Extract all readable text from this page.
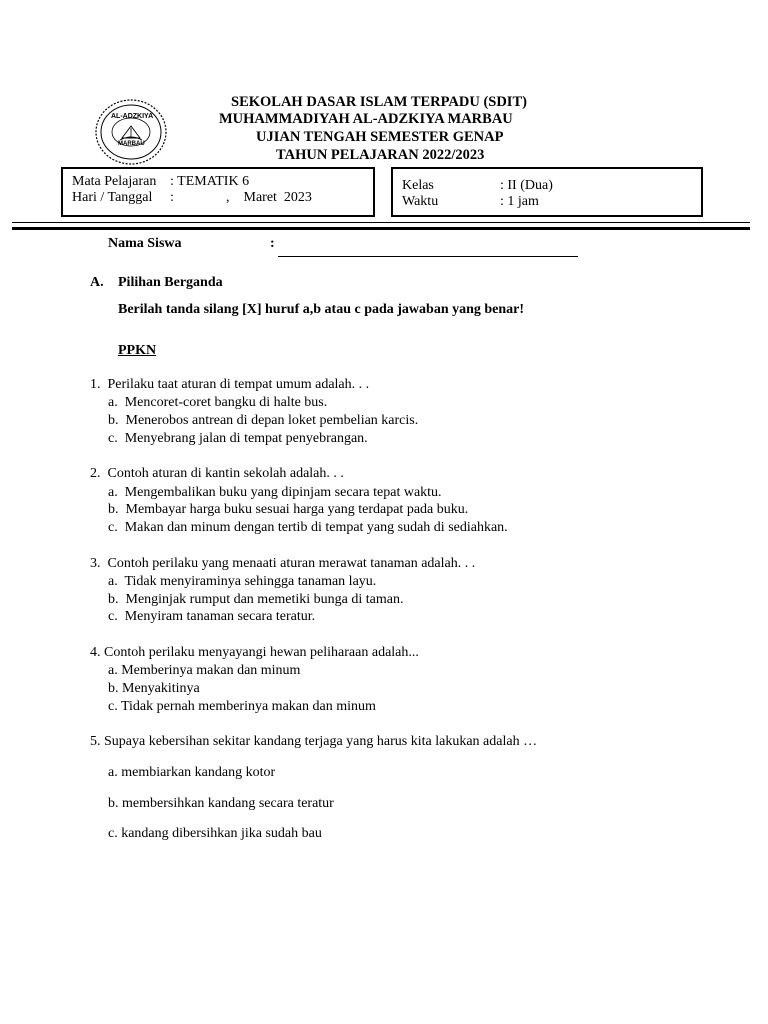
AL-ADZKIYA
MARBAU
SEKOLAH DASAR ISLAM TERPADU (SDIT)
MUHAMMADIYAH AL-ADZKIYA MARBAU
UJIAN TENGAH SEMESTER GENAP
TAHUN PELAJARAN 2022/2023
Mata Pelajaran : TEMATIK 6
Hari / Tanggal :	,    Maret  2023
Kelas	: II (Dua)
Waktu	: 1 jam
Nama Siswa	:
A. Pilihan Berganda
Berilah tanda silang [X] huruf a,b atau c pada jawaban yang benar!
PPKN
1.  Perilaku taat aturan di tempat umum adalah. . .
a.  Mencoret-coret bangku di halte bus.
b.  Menerobos antrean di depan loket pembelian karcis.
c.  Menyebrang jalan di tempat penyebrangan.
2.  Contoh aturan di kantin sekolah adalah. . .
a.  Mengembalikan buku yang dipinjam secara tepat waktu.
b.  Membayar harga buku sesuai harga yang terdapat pada buku.
c.  Makan dan minum dengan tertib di tempat yang sudah di sediahkan.
3.  Contoh perilaku yang menaati aturan merawat tanaman adalah. . .
a.  Tidak menyiraminya sehingga tanaman layu.
b.  Menginjak rumput dan memetiki bunga di taman.
c.  Menyiram tanaman secara teratur.
4. Contoh perilaku menyayangi hewan peliharaan adalah...
a. Memberinya makan dan minum
b. Menyakitinya
c. Tidak pernah memberinya makan dan minum
5. Supaya kebersihan sekitar kandang terjaga yang harus kita lakukan adalah …
a. membiarkan kandang kotor
b. membersihkan kandang secara teratur
c. kandang dibersihkan jika sudah bau
